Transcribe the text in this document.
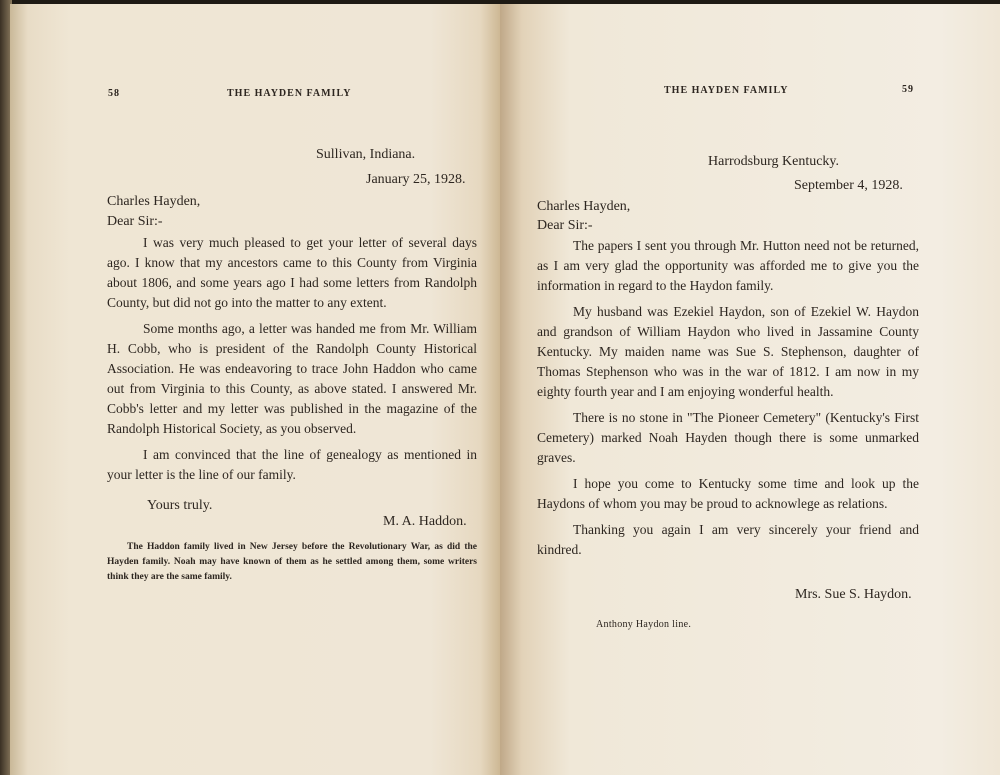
58	THE HAYDEN FAMILY
Sullivan, Indiana.
January 25, 1928.
Charles Hayden,
Dear Sir:-

I was very much pleased to get your letter of several days ago. I know that my ancestors came to this County from Virginia about 1806, and some years ago I had some letters from Randolph County, but did not go into the matter to any extent.

Some months ago, a letter was handed me from Mr. William H. Cobb, who is president of the Randolph County Historical Association. He was endeavoring to trace John Haddon who came out from Virginia to this County, as above stated. I answered Mr. Cobb's letter and my letter was published in the magazine of the Randolph Historical Society, as you observed.

I am convinced that the line of genealogy as mentioned in your letter is the line of our family.

Yours truly.
M. A. Haddon.
The Haddon family lived in New Jersey before the Revolutionary War, as did the Hayden family. Noah may have known of them as he settled among them, some writers think they are the same family.
THE HAYDEN FAMILY	59
Harrodsburg Kentucky.
September 4, 1928.
Charles Hayden,
Dear Sir:-

The papers I sent you through Mr. Hutton need not be returned, as I am very glad the opportunity was afforded me to give you the information in regard to the Haydon family.

My husband was Ezekiel Haydon, son of Ezekiel W. Haydon and grandson of William Haydon who lived in Jassamine County Kentucky. My maiden name was Sue S. Stephenson, daughter of Thomas Stephenson who was in the war of 1812. I am now in my eighty fourth year and I am enjoying wonderful health.

There is no stone in "The Pioneer Cemetery" (Kentucky's First Cemetery) marked Noah Hayden though there is some unmarked graves.

I hope you come to Kentucky some time and look up the Haydons of whom you may be proud to acknowlege as relations.

Thanking you again I am very sincerely your friend and kindred.

Mrs. Sue S. Haydon.
Anthony Haydon line.
